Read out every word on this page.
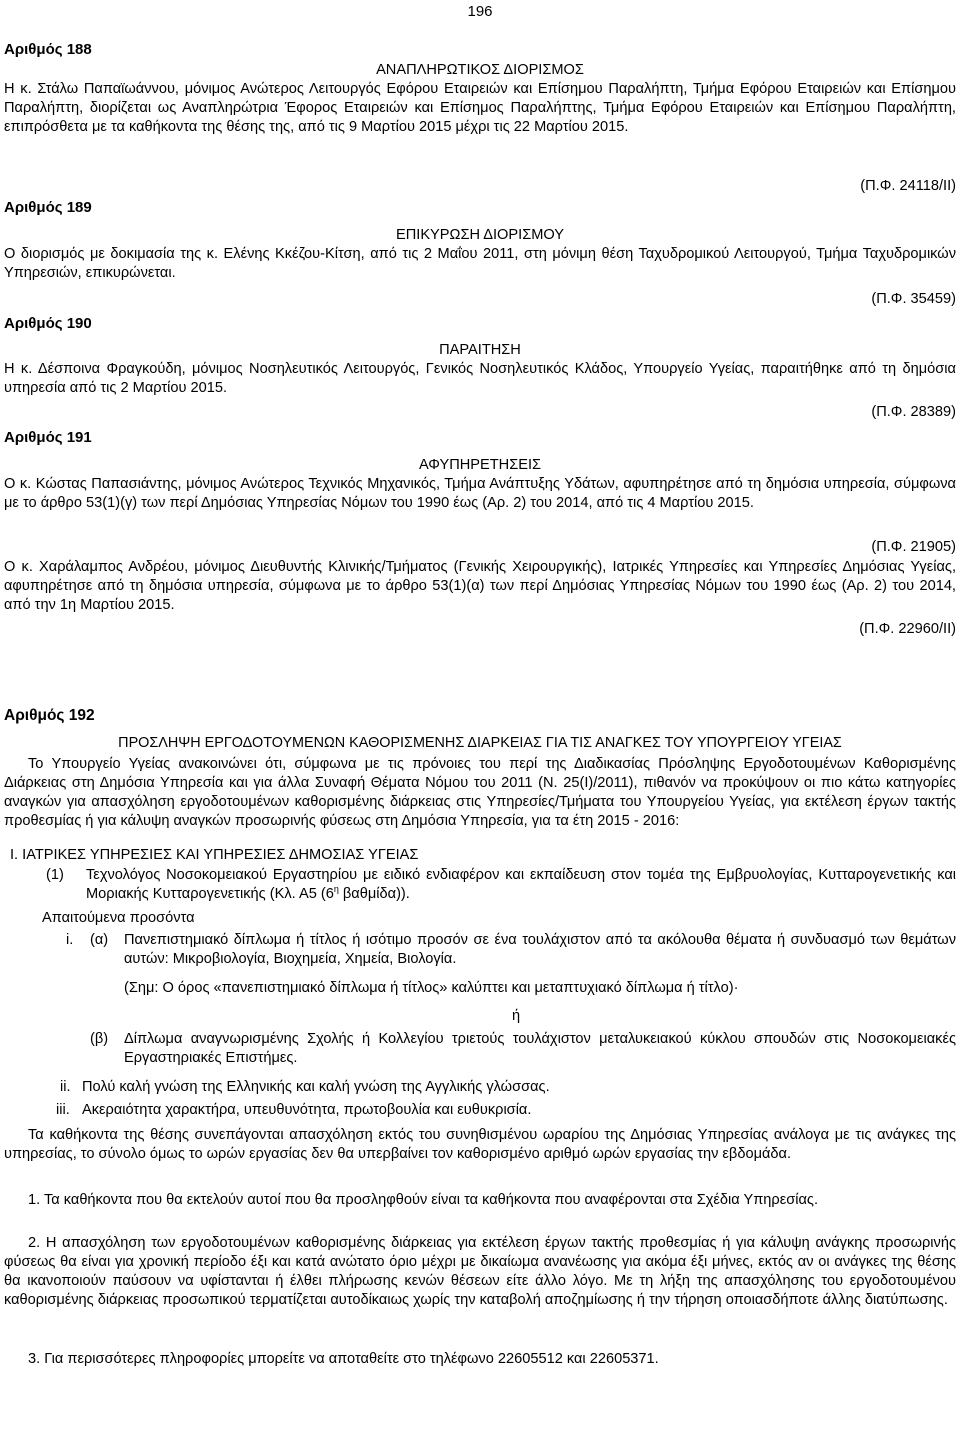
196
Αριθμός 188
ΑΝΑΠΛΗΡΩΤΙΚΟΣ ΔΙΟΡΙΣΜΟΣ
Η κ. Στάλω Παπαϊωάννου, μόνιμος Ανώτερος Λειτουργός Εφόρου Εταιρειών και Επίσημου Παραλήπτη, Τμήμα Εφόρου Εταιρειών και Επίσημου Παραλήπτη, διορίζεται ως Αναπληρώτρια Έφορος Εταιρειών και Επίσημος Παραλήπτης, Τμήμα Εφόρου Εταιρειών και Επίσημου Παραλήπτη, επιπρόσθετα με τα καθήκοντα της θέσης της, από τις 9 Μαρτίου 2015 μέχρι τις 22 Μαρτίου 2015.
(Π.Φ. 24118/ΙΙ)
Αριθμός 189
ΕΠΙΚΥΡΩΣΗ ΔΙΟΡΙΣΜΟΥ
Ο διορισμός με δοκιμασία της κ. Ελένης Κκέζου-Κίτση, από τις 2 Μαΐου 2011, στη μόνιμη θέση Ταχυδρομικού Λειτουργού, Τμήμα Ταχυδρομικών Υπηρεσιών, επικυρώνεται.
(Π.Φ. 35459)
Αριθμός 190
ΠΑΡΑΙΤΗΣΗ
Η κ. Δέσποινα Φραγκούδη, μόνιμος Νοσηλευτικός Λειτουργός, Γενικός Νοσηλευτικός Κλάδος, Υπουργείο Υγείας, παραιτήθηκε από τη δημόσια υπηρεσία από τις 2 Μαρτίου 2015.
(Π.Φ. 28389)
Αριθμός 191
ΑΦΥΠΗΡΕΤΗΣΕΙΣ
Ο κ. Κώστας Παπασιάντης, μόνιμος Ανώτερος Τεχνικός Μηχανικός, Τμήμα Ανάπτυξης Υδάτων, αφυπηρέτησε από τη δημόσια υπηρεσία, σύμφωνα με το άρθρο 53(1)(γ) των περί Δημόσιας Υπηρεσίας Νόμων του 1990 έως (Αρ. 2) του 2014, από τις 4 Μαρτίου 2015.
(Π.Φ. 21905)
Ο κ. Χαράλαμπος Ανδρέου, μόνιμος Διευθυντής Κλινικής/Τμήματος (Γενικής Χειρουργικής), Ιατρικές Υπηρεσίες και Υπηρεσίες Δημόσιας Υγείας, αφυπηρέτησε από τη δημόσια υπηρεσία, σύμφωνα με το άρθρο 53(1)(α) των περί Δημόσιας Υπηρεσίας Νόμων του 1990 έως (Αρ. 2) του 2014, από την 1η Μαρτίου 2015.
(Π.Φ. 22960/ΙΙ)
Αριθμός 192
ΠΡΟΣΛΗΨΗ ΕΡΓΟΔΟΤΟΥΜΕΝΩΝ ΚΑΘΟΡΙΣΜΕΝΗΣ ΔΙΑΡΚΕΙΑΣ ΓΙΑ ΤΙΣ ΑΝΑΓΚΕΣ ΤΟΥ ΥΠΟΥΡΓΕΙΟΥ ΥΓΕΙΑΣ
Το Υπουργείο Υγείας ανακοινώνει ότι, σύμφωνα με τις πρόνοιες του περί της Διαδικασίας Πρόσληψης Εργοδοτουμένων Καθορισμένης Διάρκειας στη Δημόσια Υπηρεσία και για άλλα Συναφή Θέματα Νόμου του 2011 (Ν. 25(Ι)/2011), πιθανόν να προκύψουν οι πιο κάτω κατηγορίες αναγκών για απασχόληση εργοδοτουμένων καθορισμένης διάρκειας στις Υπηρεσίες/Τμήματα του Υπουργείου Υγείας, για εκτέλεση έργων τακτής προθεσμίας ή για κάλυψη αναγκών προσωρινής φύσεως στη Δημόσια Υπηρεσία, για τα έτη 2015 - 2016:
Ι. ΙΑΤΡΙΚΕΣ ΥΠΗΡΕΣΙΕΣ ΚΑΙ ΥΠΗΡΕΣΙΕΣ ΔΗΜΟΣΙΑΣ ΥΓΕΙΑΣ
(1) Τεχνολόγος Νοσοκομειακού Εργαστηρίου με ειδικό ενδιαφέρον και εκπαίδευση στον τομέα της Εμβρυολογίας, Κυτταρογενετικής και Μοριακής Κυτταρογενετικής (Κλ. Α5 ($6^\eta$ βαθμίδα)).
Απαιτούμενα προσόντα
i. (α) Πανεπιστημιακό δίπλωμα ή τίτλος ή ισότιμο προσόν σε ένα τουλάχιστον από τα ακόλουθα θέματα ή συνδυασμό των θεμάτων αυτών: Μικροβιολογία, Βιοχημεία, Χημεία, Βιολογία.
(Σημ: Ο όρος «πανεπιστημιακό δίπλωμα ή τίτλος» καλύπτει και μεταπτυχιακό δίπλωμα ή τίτλο)·
ή
(β) Δίπλωμα αναγνωρισμένης Σχολής ή Κολλεγίου τριετούς τουλάχιστον μεταλυκειακού κύκλου σπουδών στις Νοσοκομειακές Εργαστηριακές Επιστήμες.
ii. Πολύ καλή γνώση της Ελληνικής και καλή γνώση της Αγγλικής γλώσσας.
iii. Ακεραιότητα χαρακτήρα, υπευθυνότητα, πρωτοβουλία και ευθυκρισία.
Τα καθήκοντα της θέσης συνεπάγονται απασχόληση εκτός του συνηθισμένου ωραρίου της Δημόσιας Υπηρεσίας ανάλογα με τις ανάγκες της υπηρεσίας, το σύνολο όμως το ωρών εργασίας δεν θα υπερβαίνει τον καθορισμένο αριθμό ωρών εργασίας την εβδομάδα.
1. Τα καθήκοντα που θα εκτελούν αυτοί που θα προσληφθούν είναι τα καθήκοντα που αναφέρονται στα Σχέδια Υπηρεσίας.
2. Η απασχόληση των εργοδοτουμένων καθορισμένης διάρκειας για εκτέλεση έργων τακτής προθεσμίας ή για κάλυψη ανάγκης προσωρινής φύσεως θα είναι για χρονική περίοδο έξι και κατά ανώτατο όριο μέχρι με δικαίωμα ανανέωσης για ακόμα έξι μήνες, εκτός αν οι ανάγκες της θέσης θα ικανοποιούν παύσουν να υφίστανται ή έλθει πλήρωσης κενών θέσεων είτε άλλο λόγο. Με τη λήξη της απασχόλησης του εργοδοτουμένου καθορισμένης διάρκειας προσωπικού τερματίζεται αυτοδίκαιως χωρίς την καταβολή αποζημίωσης ή την τήρηση οποιασδήποτε άλλης διατύπωσης.
3. Για περισσότερες πληροφορίες μπορείτε να αποταθείτε στο τηλέφωνο 22605512 και 22605371.
